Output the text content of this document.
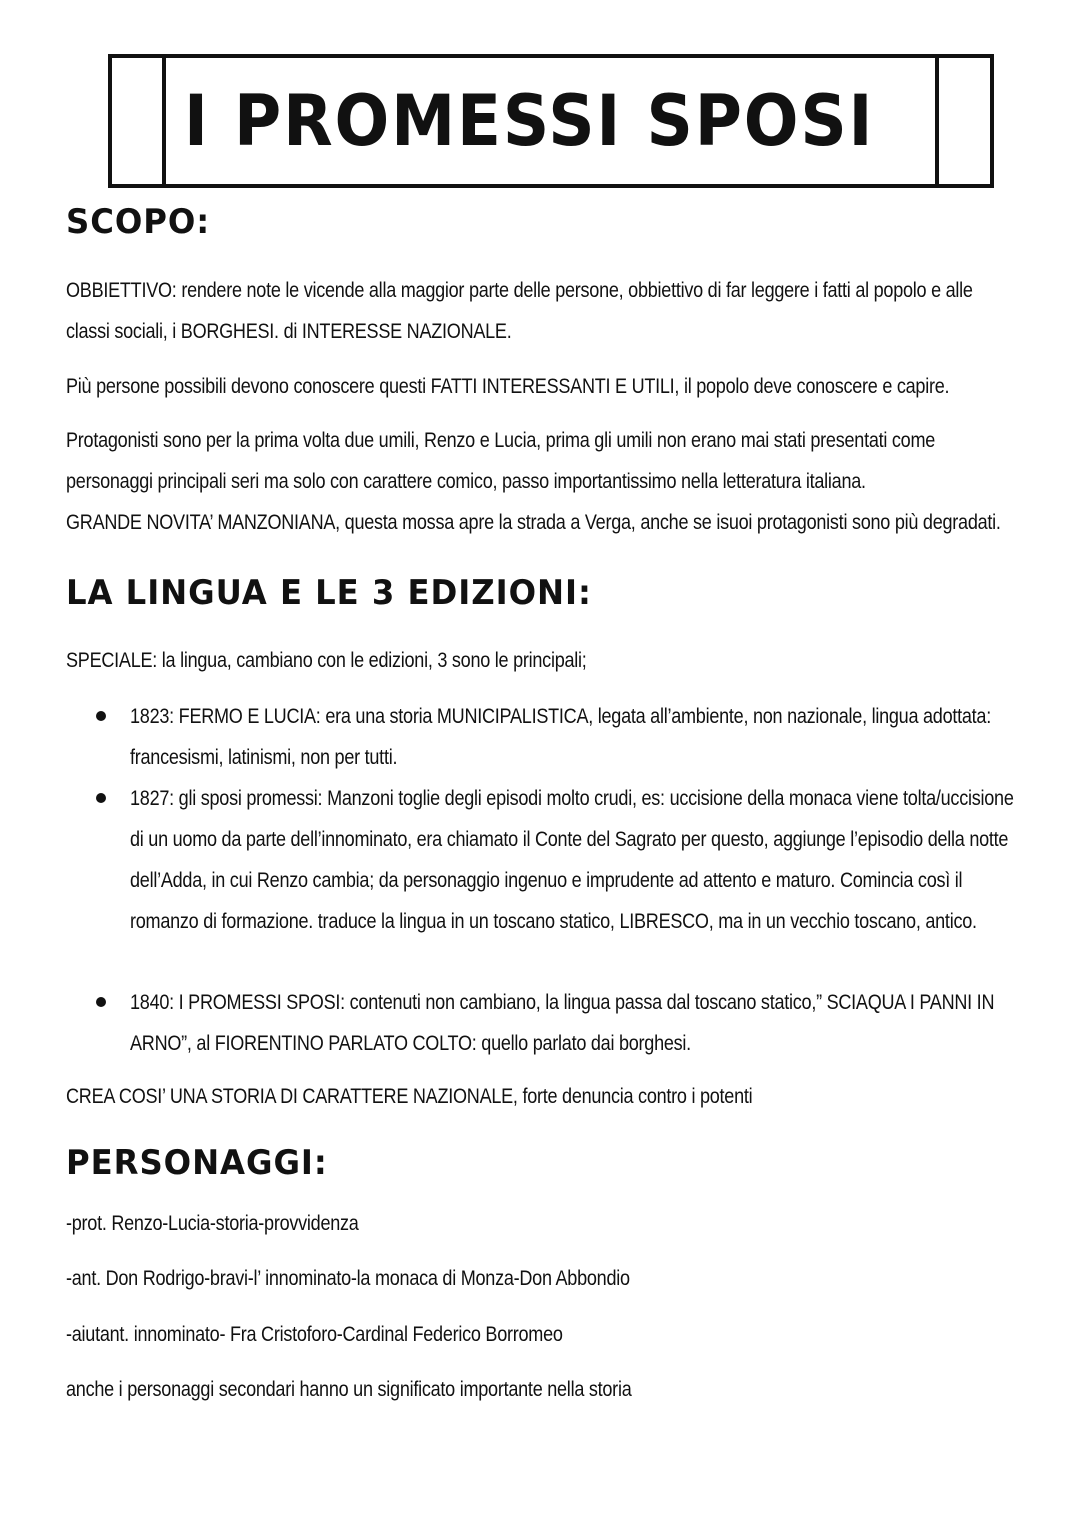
I PROMESSI SPOSI
SCOPO:
OBBIETTIVO: rendere note le vicende alla maggior parte delle persone, obbiettivo di far leggere i fatti al popolo e alle classi sociali, i BORGHESI. di INTERESSE NAZIONALE.
Più persone possibili devono conoscere questi FATTI INTERESSANTI E UTILI, il popolo deve conoscere e capire.
Protagonisti sono per la prima volta due umili, Renzo e Lucia, prima gli umili non erano mai stati presentati come personaggi principali seri ma solo con carattere comico, passo importantissimo nella letteratura italiana.
GRANDE NOVITA’ MANZONIANA, questa mossa apre la strada a Verga, anche se isuoi protagonisti sono più degradati.
LA LINGUA E LE 3 EDIZIONI:
SPECIALE: la lingua, cambiano con le edizioni, 3 sono le principali;
1823: FERMO E LUCIA: era una storia MUNICIPALISTICA, legata all’ambiente, non nazionale, lingua adottata: francesismi, latinismi, non per tutti.
1827: gli sposi promessi: Manzoni toglie degli episodi molto crudi, es: uccisione della monaca viene tolta/uccisione di un uomo da parte dell’innominato, era chiamato il Conte del Sagrato per questo, aggiunge l’episodio della notte dell’Adda, in cui Renzo cambia; da personaggio ingenuo e imprudente ad attento e maturo. Comincia così il romanzo di formazione. traduce la lingua in un toscano statico, LIBRESCO, ma in un vecchio toscano, antico.
1840: I PROMESSI SPOSI: contenuti non cambiano, la lingua passa dal toscano statico,” SCIAQUA I PANNI IN ARNO”, al FIORENTINO PARLATO COLTO: quello parlato dai borghesi.
CREA COSI’ UNA STORIA DI CARATTERE NAZIONALE, forte denuncia contro i potenti
PERSONAGGI:
-prot. Renzo-Lucia-storia-provvidenza
-ant. Don Rodrigo-bravi-l’ innominato-la monaca di Monza-Don Abbondio
-aiutant. innominato- Fra Cristoforo-Cardinal Federico Borromeo
anche i personaggi secondari hanno un significato importante nella storia
